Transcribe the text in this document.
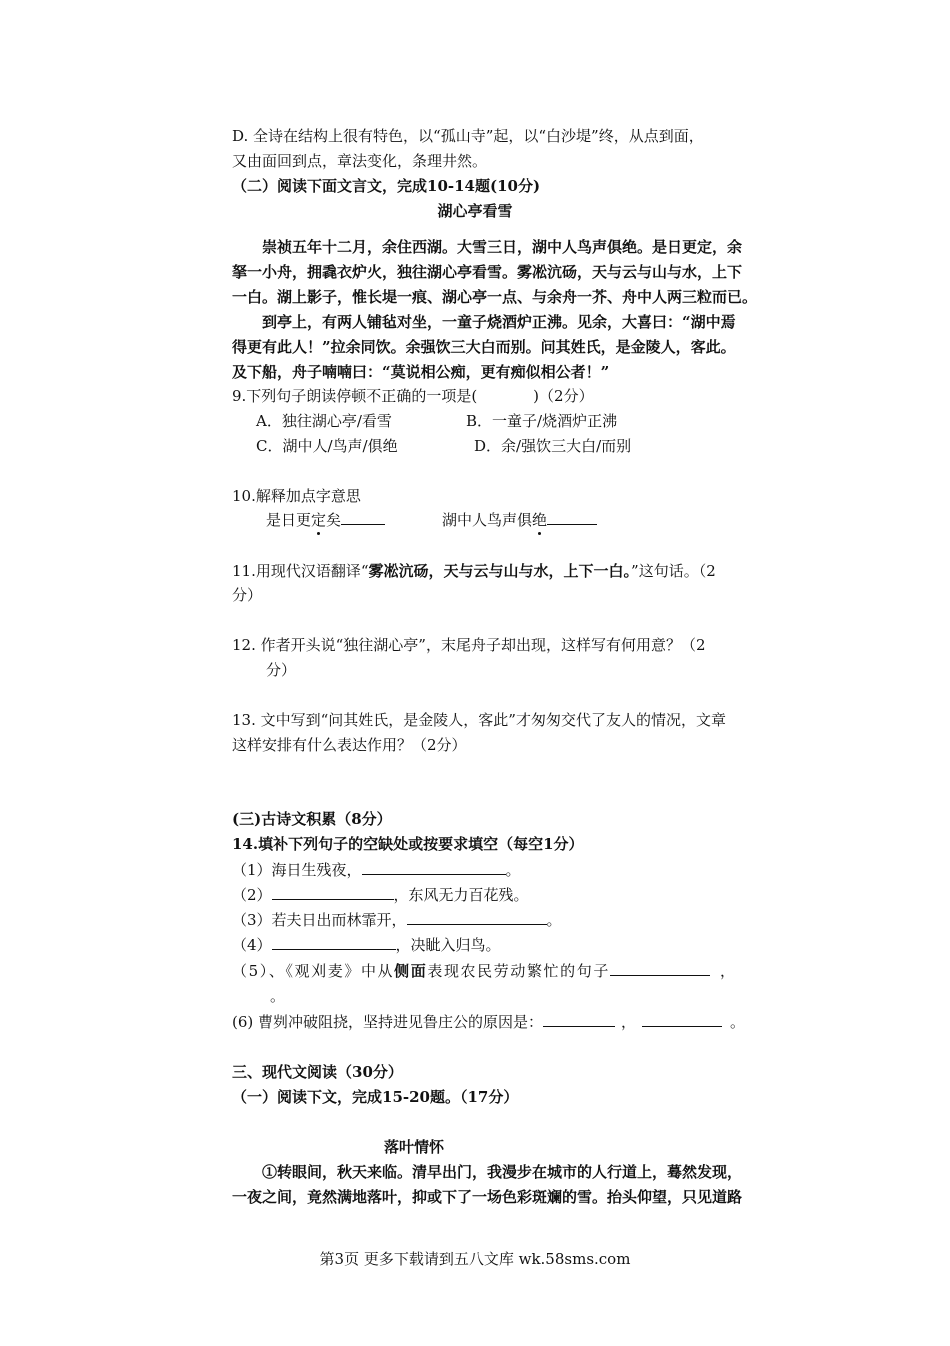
D. 全诗在结构上很有特色，以“孤山寺”起，以“白沙堤”终，从点到面，
又由面回到点，章法变化，条理井然。
（二）阅读下面文言文，完成10-14题(10分)
湖心亭看雪
崇祯五年十二月，余住西湖。大雪三日，湖中人鸟声俱绝。是日更定，余
拏一小舟，拥毳衣炉火，独往湖心亭看雪。雾凇沆砀，天与云与山与水，上下
一白。湖上影子，惟长堤一痕、湖心亭一点、与余舟一芥、舟中人两三粒而已。
到亭上，有两人铺毡对坐，一童子烧酒炉正沸。见余，大喜曰：“湖中焉
得更有此人！”拉余同饮。余强饮三大白而别。问其姓氏，是金陵人，客此。
及下船，舟子喃喃曰：“莫说相公痴，更有痴似相公者！”
9.下列句子朗读停顿不正确的一项是(	)（2分）
A．独往湖心亭/看雪	B．一童子/烧酒炉正沸
C．湖中人/鸟声/俱绝	D．余/强饮三大白/而别
10.解释加点字意思
是日更定矣	湖中人鸟声俱绝
11.用现代汉语翻译“雾凇沆砀，天与云与山与水，上下一白。”这句话。（2
分）
12. 作者开头说“独往湖心亭”，末尾舟子却出现，这样写有何用意？（2
分）
13. 文中写到“问其姓氏，是金陵人，客此”才匆匆交代了友人的情况，文章
这样安排有什么表达作用？（2分）
(三)古诗文积累（8分）
14.填补下列句子的空缺处或按要求填空（每空1分）
（1）海日生残夜，	。
（2）	，东风无力百花残。
（3）若夫日出而林霏开，	。
（4）	，决眦入归鸟。
（5）、《观刈麦》中从侧面表现农民劳动繁忙的句子	，
。
(6) 曹刿冲破阻挠，坚持进见鲁庄公的原因是：	，	。
三、现代文阅读（30分）
（一）阅读下文，完成15-20题。（17分）
落叶情怀
①转眼间，秋天来临。清早出门，我漫步在城市的人行道上，蓦然发现，
一夜之间，竟然满地落叶，抑或下了一场色彩斑斓的雪。抬头仰望，只见道路
第3页 更多下载请到五八文库 wk.58sms.com
